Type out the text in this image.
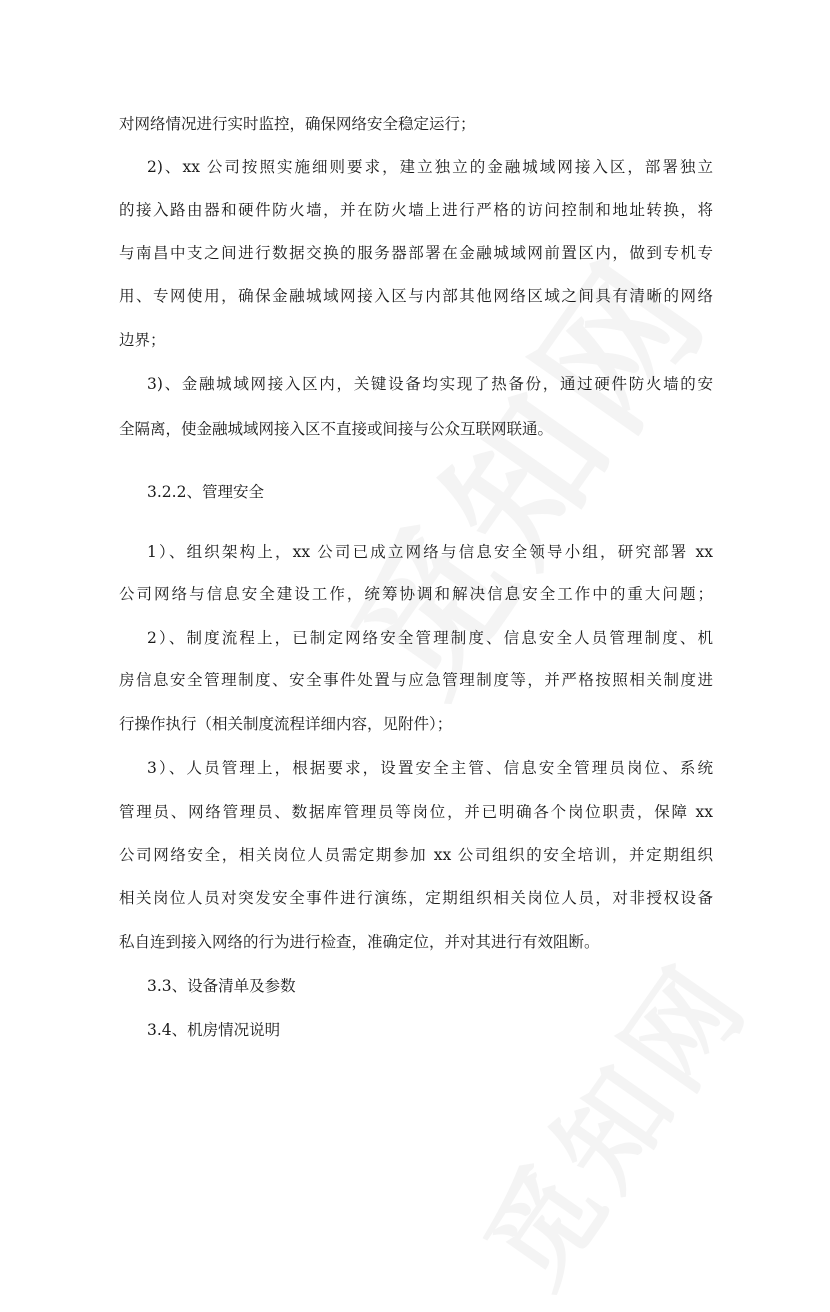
对网络情况进行实时监控，确保网络安全稳定运行；
2)、xx 公司按照实施细则要求，建立独立的金融城域网接入区，部署独立
的接入路由器和硬件防火墙，并在防火墙上进行严格的访问控制和地址转换，将
与南昌中支之间进行数据交换的服务器部署在金融城域网前置区内，做到专机专
用、专网使用，确保金融城域网接入区与内部其他网络区域之间具有清晰的网络
边界；
3)、金融城域网接入区内，关键设备均实现了热备份，通过硬件防火墙的安
全隔离，使金融城域网接入区不直接或间接与公众互联网联通。
3.2.2、管理安全
1）、组织架构上，xx 公司已成立网络与信息安全领导小组，研究部署 xx
公司网络与信息安全建设工作，统筹协调和解决信息安全工作中的重大问题；
2）、制度流程上，已制定网络安全管理制度、信息安全人员管理制度、机
房信息安全管理制度、安全事件处置与应急管理制度等，并严格按照相关制度进
行操作执行（相关制度流程详细内容，见附件）；
3）、人员管理上，根据要求，设置安全主管、信息安全管理员岗位、系统
管理员、网络管理员、数据库管理员等岗位，并已明确各个岗位职责，保障 xx
公司网络安全，相关岗位人员需定期参加 xx 公司组织的安全培训，并定期组织
相关岗位人员对突发安全事件进行演练，定期组织相关岗位人员，对非授权设备
私自连到接入网络的行为进行检查，准确定位，并对其进行有效阻断。
3.3、设备清单及参数
3.4、机房情况说明
